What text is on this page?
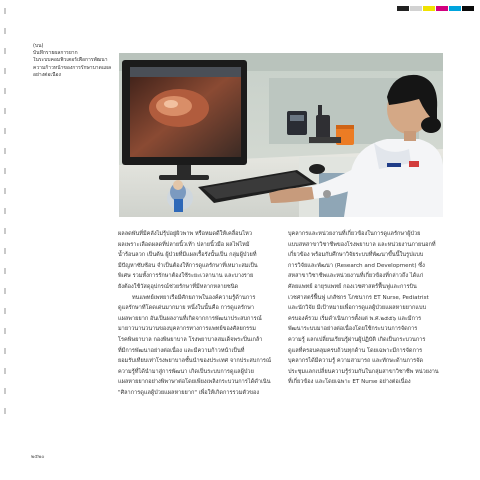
(บน)
บันทึกรายผลการยาก
ในระบบคอมพิวเตอร์เพื่อการพัฒนา
ความก้าวหน้าของการรักษาบาดแผล
อย่างต่อเนื่อง
ผลลดพันที่มีคลังไม่รุ้ปอยู่ผิวพาพ หรือหมดดีให้เคลื่อนไหว
ผลเพราะเลือดผลดที่ปลายนิ้วเท้า ปลายนิ้วมือ ผลไฟไหม้
น้ำร้อนลวก เป็นต้น ผู้ป่วยที่มีแผลเรื้อรังนั้นเป็น กลุ่มผู้ป่วยที่
มีปัญหาซับซ้อน จำเป็นต้องให้การดูแลรักษาที่เหมาะสมเป็น
พิเศษ รวมทั้งการรักษาต้องใช้ระยะเวลานาน และบางราย
ยังต้องใช้วัสดุอุปกรณ์ช่วยรักษาที่มีหลากหลายชนิด
ทนแพทย์เพทยาเรือมีศักยภาพในองค์ความรู้ด้านการ
ดูแลรักษาทีโดดเด่นมากมาย หนึ่งในนั้นคือ การดูแลรักษา
แผลพายยาก อันเป็นผลงานที่เกิดจากการพัฒนาประสบการณ์
มายาวนานวนานของบุคลากรทางการแพทย์ของศัลยกรรม
โรคพิษยาบาล กองพิษยาบาล โรงพยาบาลสมเด็จพระปิ่นเกล้า
ที่มีการพัฒนาอย่างต่อเนื่อง และมีความก้าวหน้าเป็นที่
ยอมรับเทียบเท่าโรงพยาบาลชั้นนำของประเทศ จากประสบการณ์
ความรู้ที่ได้นำมาสู่การพัฒนา เกิดเป็นระบบการดูแลผู้ป่วย
แผลหายยากอย่างพิพาษาต่อโดยเพียงเพลิงกระบวนการได้ดำเนิน
"ศิลาการดูแลผู้ป่วยแผลหายยาก" เพื่อให้เกิดการรวมตัวของ
บุคลากรและหน่วยงานที่เกี่ยวข้องในการดูแลรักษาผู้ป่วย
แบบสหสาขาวิชาชีพของโรงพยาบาล และหน่วยงานภายนอกที่
เกี่ยวข้อง พร้อมกับศึกษาวิจัยระบบที่พัฒนาขึ้นนี้ในรูปแบบ
การวิจัยและพัฒนา (Research and Development) ซึ่ง
สหสาขาวิชาชีพและหน่วยงานที่เกี่ยวข้องที่กล่าวถึง ได้แก่
ศัลยแพทย์ อายุรแพทย์ กองเวชศาสตร์ฟื้นฟูและการบิน
เวชศาสตร์ฟื้นฟู เภสัชกร โภชนากร ET Nurse, Pediatrist
และนักวิจัย มีเป้าหมายเพื่อการดูแลผู้ป่วยแผลหายยากแบบ
ครบองค์รวม เริ่มดำเนินการตั้งแต่ พ.ศ.๒๕๕๖ และมีการ
พัฒนาระบบมาอย่างต่อเนื่องโดยใช้กระบวนการจัดการ
ความรู้ แลกเปลี่ยนเรียนรู้ผ่านผู้ปฏิบัติ เกิดเป็นกระบวนการ
ดูแลที่ครอบคลุมครบถ้วนทุกด้าน โดยเฉพาะมีการจัดการ
บุคลากรได้มีความรู้ ความสามารถ และทักษะด้านการจัด
ประชุมแลกเปลี่ยนความรู้ร่วมกันในกลุ่มสาขาวิชาชีพ หน่วยงาน
ที่เกี่ยวข้อง และโดยเฉพาะ ET Nurse อย่างต่อเนื่อง
๒๕๒๐
